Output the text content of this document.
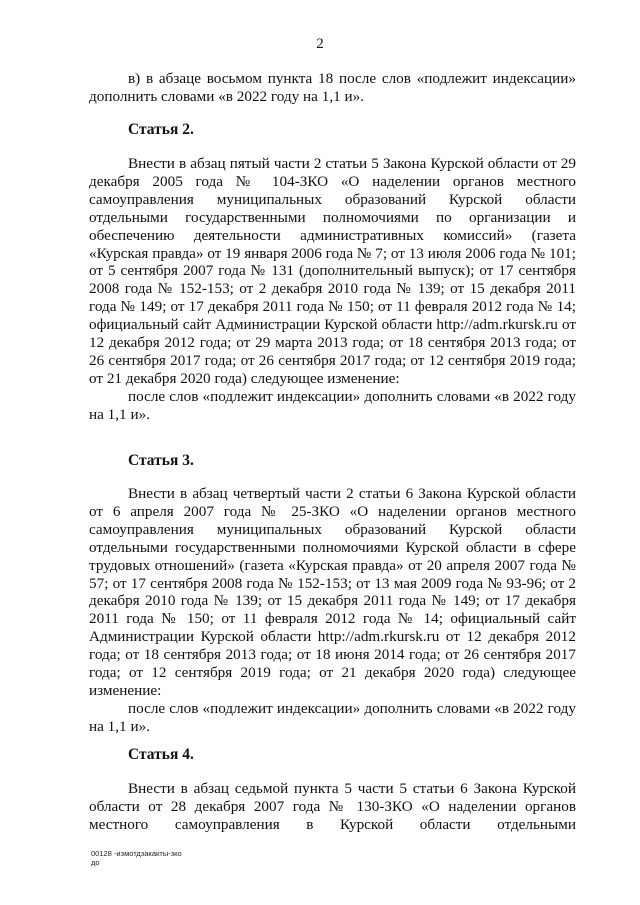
2

в) в абзаце восьмом пункта 18 после слов «подлежит индексации» дополнить словами «в 2022 году на 1,1 и».

Статья 2.

Внести в абзац пятый части 2 статьи 5 Закона Курской области от 29 декабря 2005 года № 104-ЗКО «О наделении органов местного самоуправления муниципальных образований Курской области отдельными государственными полномочиями по организации и обеспечению деятельности административных комиссий» (газета «Курская правда» от 19 января 2006 года № 7; от 13 июля 2006 года № 101; от 5 сентября 2007 года № 131 (дополнительный выпуск); от 17 сентября 2008 года № 152-153; от 2 декабря 2010 года № 139; от 15 декабря 2011 года № 149; от 17 декабря 2011 года № 150; от 11 февраля 2012 года № 14; официальный сайт Администрации Курской области http://adm.rkursk.ru от 12 декабря 2012 года; от 29 марта 2013 года; от 18 сентября 2013 года; от 26 сентября 2017 года; от 26 сентября 2017 года; от 12 сентября 2019 года; от 21 декабря 2020 года) следующее изменение:

после слов «подлежит индексации» дополнить словами «в 2022 году на 1,1 и».

Статья 3.

Внести в абзац четвертый части 2 статьи 6 Закона Курской области от 6 апреля 2007 года № 25-ЗКО «О наделении органов местного самоуправления муниципальных образований Курской области отдельными государственными полномочиями Курской области в сфере трудовых отношений» (газета «Курская правда» от 20 апреля 2007 года № 57; от 17 сентября 2008 года № 152-153; от 13 мая 2009 года № 93-96; от 2 декабря 2010 года № 139; от 15 декабря 2011 года № 149; от 17 декабря 2011 года № 150; от 11 февраля 2012 года № 14; официальный сайт Администрации Курской области http://adm.rkursk.ru от 12 декабря 2012 года; от 18 сентября 2013 года; от 18 июня 2014 года; от 26 сентября 2017 года; от 12 сентября 2019 года; от 21 декабря 2020 года) следующее изменение:

после слов «подлежит индексации» дополнить словами «в 2022 году на 1,1 и».

Статья 4.

Внести в абзац седьмой пункта 5 части 5 статьи 6 Закона Курской области от 28 декабря 2007 года № 130-ЗКО «О наделении органов местного самоуправления в Курской области отдельными

00128 -измотдзакакты-зко
до
